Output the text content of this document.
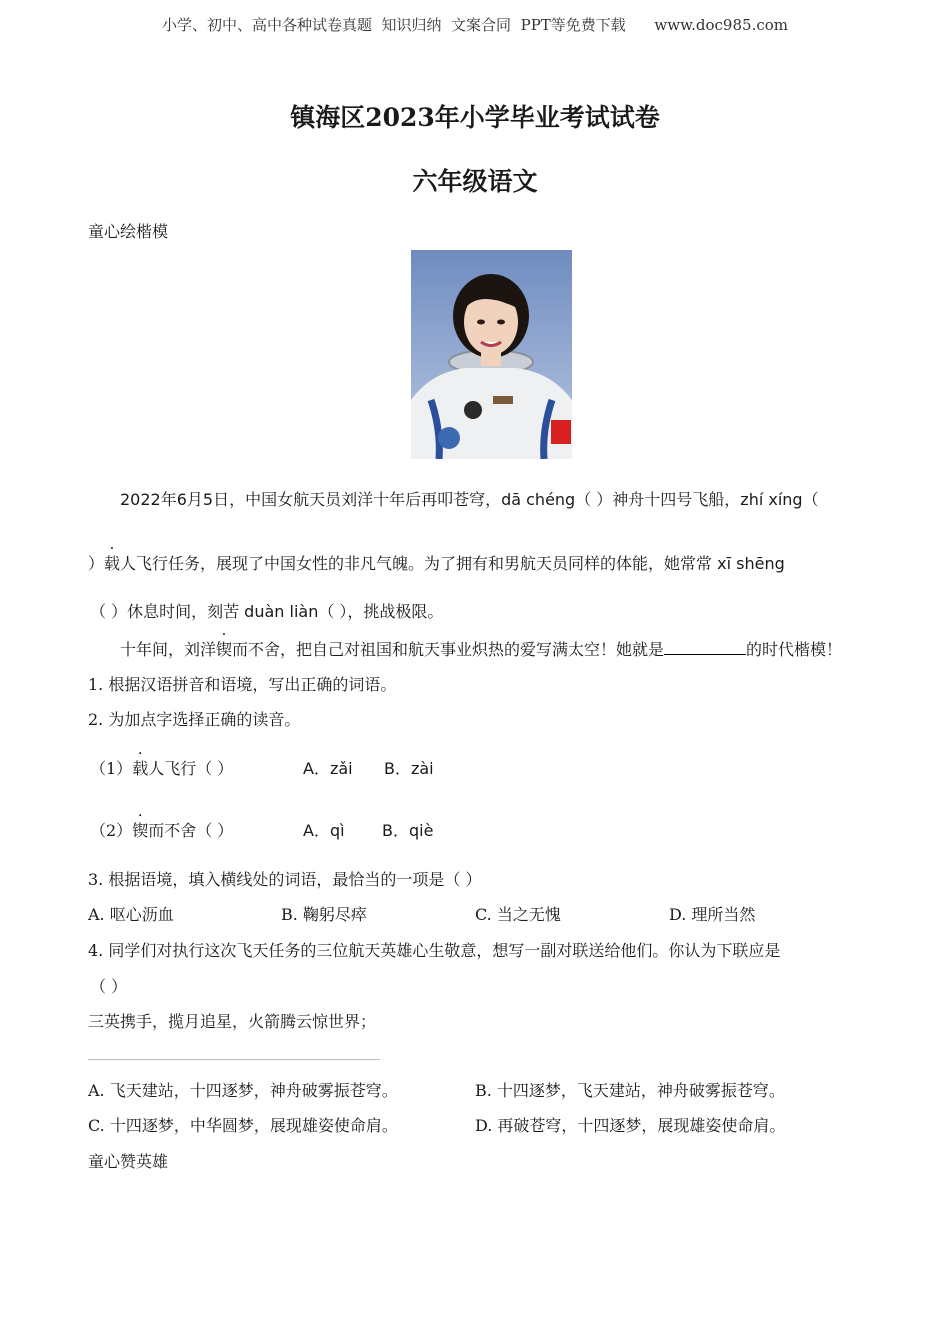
小学、初中、高中各种试卷真题  知识归纳  文案合同  PPT等免费下载      www.doc985.com
镇海区2023年小学毕业考试试卷
六年级语文
童心绘楷模
2022年6月5日，中国女航天员刘洋十年后再叩苍穹，dā chéng（ ）神舟十四号飞船，zhí xíng（
）载人飞行任务，展现了中国女性的非凡气魄。为了拥有和男航天员同样的体能，她常常 xī shēng
（ ）休息时间，刻苦 duàn liàn（ ），挑战极限。
十年间，刘洋锲而不舍，把自己对祖国和航天事业炽热的爱写满太空！她就是	的时代楷模！
1. 根据汉语拼音和语境，写出正确的词语。
2. 为加点字选择正确的读音。
（1）载人飞行（ ）	A．zǎi B．zài
（2）锲而不舍（ ）	A．qì B．qiè
3. 根据语境，填入横线处的词语，最恰当的一项是（ ）
A. 呕心沥血	B. 鞠躬尽瘁	C. 当之无愧	D. 理所当然
4. 同学们对执行这次飞天任务的三位航天英雄心生敬意，想写一副对联送给他们。你认为下联应是
（ ）
三英携手，揽月追星，火箭腾云惊世界；
A. 飞天建站，十四逐梦，神舟破雾振苍穹。	B. 十四逐梦，飞天建站，神舟破雾振苍穹。
C. 十四逐梦，中华圆梦，展现雄姿使命肩。	D. 再破苍穹，十四逐梦，展现雄姿使命肩。
童心赞英雄
